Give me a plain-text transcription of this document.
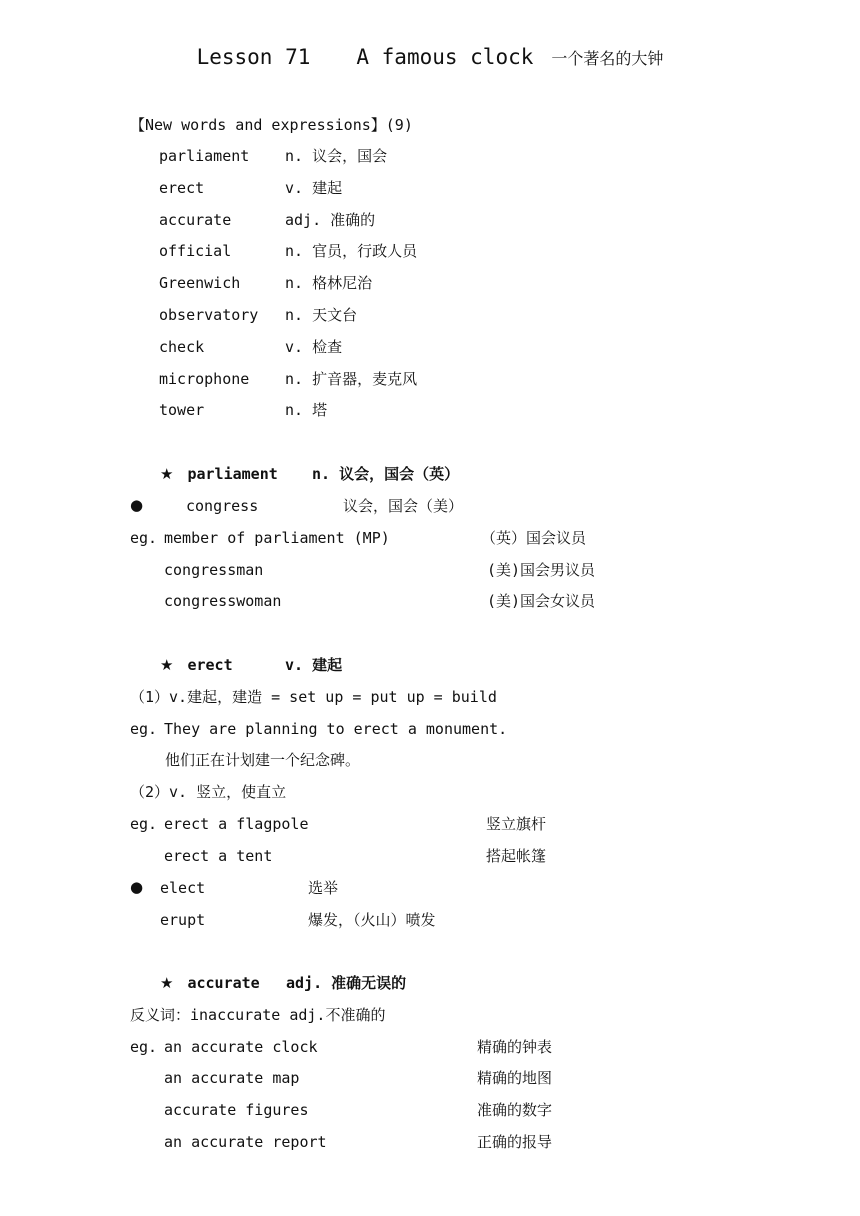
Lesson 71 A famous clock 一个著名的大钟
【New words and expressions】(9)
parliament n. 议会，国会
erect	v. 建起
accurate	adj. 准确的
official	n. 官员，行政人员
Greenwich	n. 格林尼治
observatory n. 天文台
check	v. 检查
microphone n. 扩音器，麦克风
tower	n. 塔
★ parliament n. 议会，国会（英）
●	congress	议会，国会（美）
eg. member of parliament (MP)	（英）国会议员
congressman	(美)国会男议员
congresswoman	(美)国会女议员
★ erect	v. 建起
（1）v.建起，建造 = set up = put up = build
eg. They are planning to erect a monument.
他们正在计划建一个纪念碑。
（2）v. 竖立，使直立
eg. erect a flagpole	竖立旗杆
erect a tent	搭起帐篷
● elect	选举
erupt	爆发，（火山）喷发
★ accurate adj. 准确无误的
反义词：inaccurate adj.不准确的
eg. an accurate clock	精确的钟表
an accurate map	精确的地图
accurate figures	准确的数字
an accurate report	正确的报导
